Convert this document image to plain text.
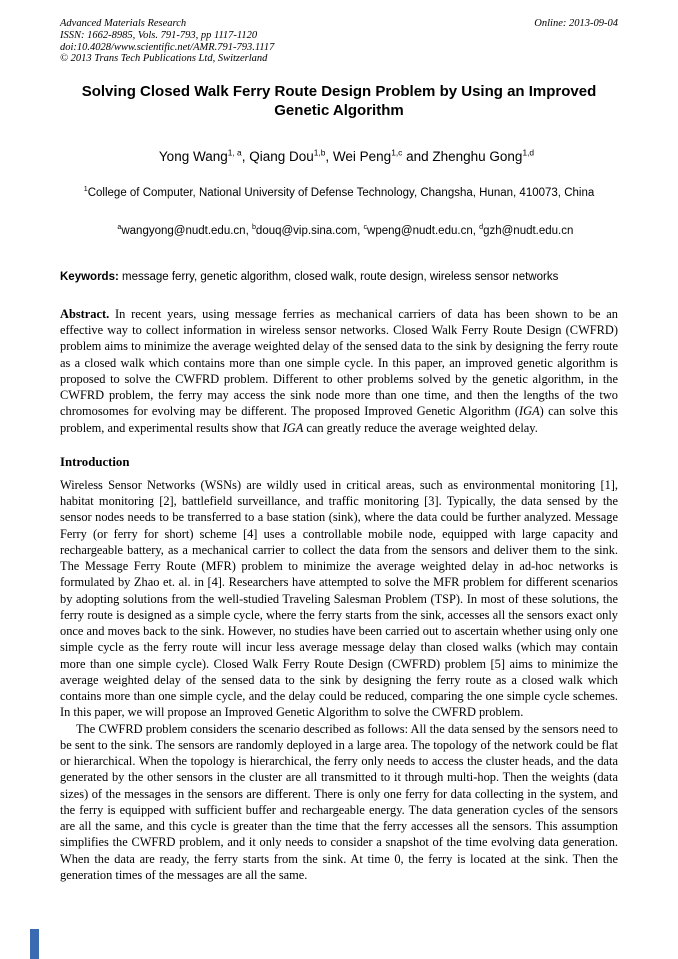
Advanced Materials Research	Online: 2013-09-04
ISSN: 1662-8985, Vols. 791-793, pp 1117-1120
doi:10.4028/www.scientific.net/AMR.791-793.1117
© 2013 Trans Tech Publications Ltd, Switzerland
Solving Closed Walk Ferry Route Design Problem by Using an Improved Genetic Algorithm

Yong Wang$^{1, a}$, Qiang Dou$^{1,b}$, Wei Peng$^{1,c}$ and Zhenghu Gong$^{1,d}$

$^1$College of Computer, National University of Defense Technology, Changsha, Hunan, 410073, China

$^a$wangyong@nudt.edu.cn, $^b$douq@vip.sina.com, $^c$wpeng@nudt.edu.cn, $^d$gzh@nudt.edu.cn

Keywords: message ferry, genetic algorithm, closed walk, route design, wireless sensor networks

Abstract. In recent years, using message ferries as mechanical carriers of data has been shown to be an effective way to collect information in wireless sensor networks. Closed Walk Ferry Route Design (CWFRD) problem aims to minimize the average weighted delay of the sensed data to the sink by designing the ferry route as a closed walk which contains more than one simple cycle. In this paper, an improved genetic algorithm is proposed to solve the CWFRD problem. Different to other problems solved by the genetic algorithm, in the CWFRD problem, the ferry may access the sink node more than one time, and then the lengths of the two chromosomes for evolving may be different. The proposed Improved Genetic Algorithm (IGA) can solve this problem, and experimental results show that IGA can greatly reduce the average weighted delay.

Introduction

Wireless Sensor Networks (WSNs) are wildly used in critical areas, such as environmental monitoring [1], habitat monitoring [2], battlefield surveillance, and traffic monitoring [3]. Typically, the data sensed by the sensor nodes needs to be transferred to a base station (sink), where the data could be further analyzed. Message Ferry (or ferry for short) scheme [4] uses a controllable mobile node, equipped with large capacity and rechargeable battery, as a mechanical carrier to collect the data from the sensors and deliver them to the sink. The Message Ferry Route (MFR) problem to minimize the average weighted delay in ad-hoc networks is formulated by Zhao et. al. in [4]. Researchers have attempted to solve the MFR problem for different scenarios by adopting solutions from the well-studied Traveling Salesman Problem (TSP). In most of these solutions, the ferry route is designed as a simple cycle, where the ferry starts from the sink, accesses all the sensors exact only once and moves back to the sink. However, no studies have been carried out to ascertain whether using only one simple cycle as the ferry route will incur less average message delay than closed walks (which may contain more than one simple cycle). Closed Walk Ferry Route Design (CWFRD) problem [5] aims to minimize the average weighted delay of the sensed data to the sink by designing the ferry route as a closed walk which contains more than one simple cycle, and the delay could be reduced, comparing the one simple cycle schemes. In this paper, we will propose an Improved Genetic Algorithm to solve the CWFRD problem.

The CWFRD problem considers the scenario described as follows: All the data sensed by the sensors need to be sent to the sink. The sensors are randomly deployed in a large area. The topology of the network could be flat or hierarchical. When the topology is hierarchical, the ferry only needs to access the cluster heads, and the data generated by the other sensors in the cluster are all transmitted to it through multi-hop. Then the weights (data sizes) of the messages in the sensors are different. There is only one ferry for data collecting in the system, and the ferry is equipped with sufficient buffer and rechargeable energy. The data generation cycles of the sensors are all the same, and this cycle is greater than the time that the ferry accesses all the sensors. This assumption simplifies the CWFRD problem, and it only needs to consider a snapshot of the time evolving data generation. When the data are ready, the ferry starts from the sink. At time 0, the ferry is located at the sink. Then the generation times of the messages are all the same.
